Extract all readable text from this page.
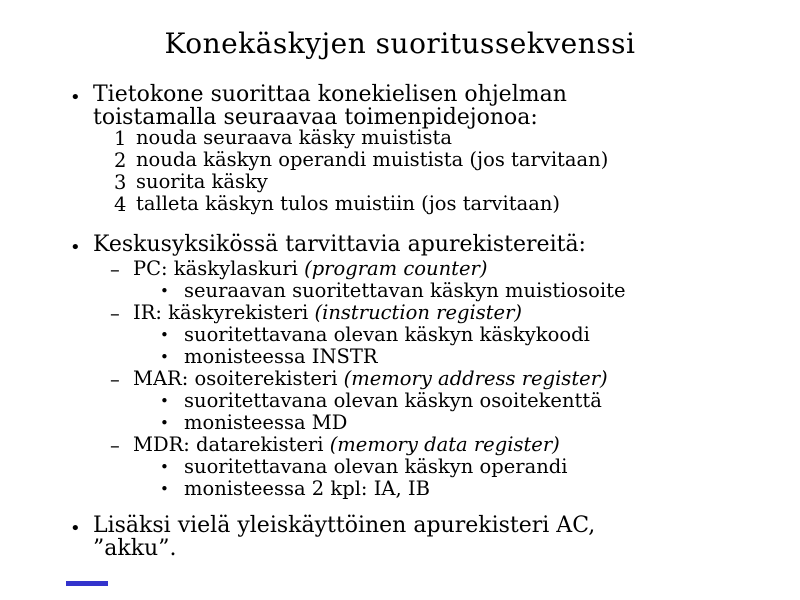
Konekäskyjen suoritussekvenssi
• Tietokone suorittaa konekielisen ohjelman
toistamalla seuraavaa toimenpidejonoa:
1 nouda seuraava käsky muistista
2 nouda käskyn operandi muistista (jos tarvitaan)
3 suorita käsky
4 talleta käskyn tulos muistiin (jos tarvitaan)
• Keskusyksikössä tarvittavia apurekistereitä:
– PC: käskylaskuri (program counter)
• seuraavan suoritettavan käskyn muistiosoite
– IR: käskyrekisteri (instruction register)
• suoritettavana olevan käskyn käskykoodi
• monisteessa INSTR
– MAR: osoiterekisteri (memory address register)
• suoritettavana olevan käskyn osoitekenttä
• monisteessa MD
– MDR: datarekisteri (memory data register)
• suoritettavana olevan käskyn operandi
• monisteessa 2 kpl: IA, IB
• Lisäksi vielä yleiskäyttöinen apurekisteri AC,
”akku”.
